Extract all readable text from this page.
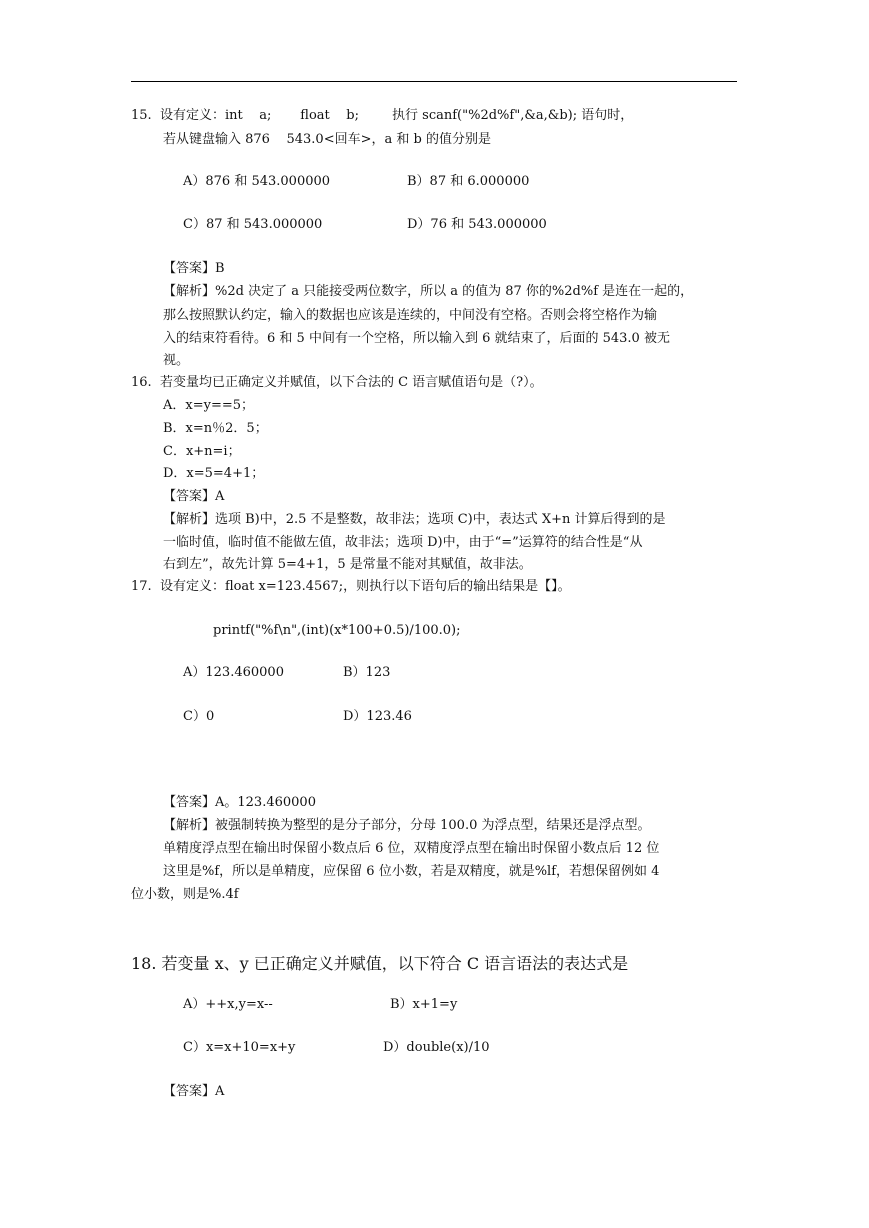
15.  设有定义：int    a;       float    b;        执行 scanf("%2d%f",&a,&b); 语句时，
若从键盘输入 876    543.0<回车>，a 和 b 的值分别是
A）876 和 543.000000	B）87 和 6.000000
C）87 和 543.000000	D）76 和 543.000000
【答案】B
【解析】%2d 决定了 a 只能接受两位数字，所以 a 的值为 87 你的%2d%f 是连在一起的，
那么按照默认约定，输入的数据也应该是连续的，中间没有空格。否则会将空格作为输
入的结束符看待。6 和 5 中间有一个空格，所以输入到 6 就结束了，后面的 543.0 被无
视。
16.  若变量均已正确定义并赋值，以下合法的 C 语言赋值语句是（?）。
A．x=y==5；
B．x=n％2．5；
C．x+n=i；
D．x=5=4+1；
【答案】A
【解析】选项 B)中，2.5 不是整数，故非法；选项 C)中，表达式 X+n 计算后得到的是
一临时值，临时值不能做左值，故非法；选项 D)中，由于“=”运算符的结合性是“从
右到左”，故先计算 5=4+1，5 是常量不能对其赋值，故非法。
17.  设有定义：float x=123.4567;，则执行以下语句后的输出结果是【】。
printf("%f\n",(int)(x*100+0.5)/100.0);
A）123.460000	B）123
C）0	D）123.46
【答案】A。123.460000
【解析】被强制转换为整型的是分子部分，分母 100.0 为浮点型，结果还是浮点型。
单精度浮点型在输出时保留小数点后 6 位，双精度浮点型在输出时保留小数点后 12 位
这里是%f，所以是单精度，应保留 6 位小数，若是双精度，就是%lf，若想保留例如 4
位小数，则是%.4f
18. 若变量 x、y 已正确定义并赋值，以下符合 C 语言语法的表达式是
A）++x,y=x--	B）x+1=y
C）x=x+10=x+y	D）double(x)/10
【答案】A
